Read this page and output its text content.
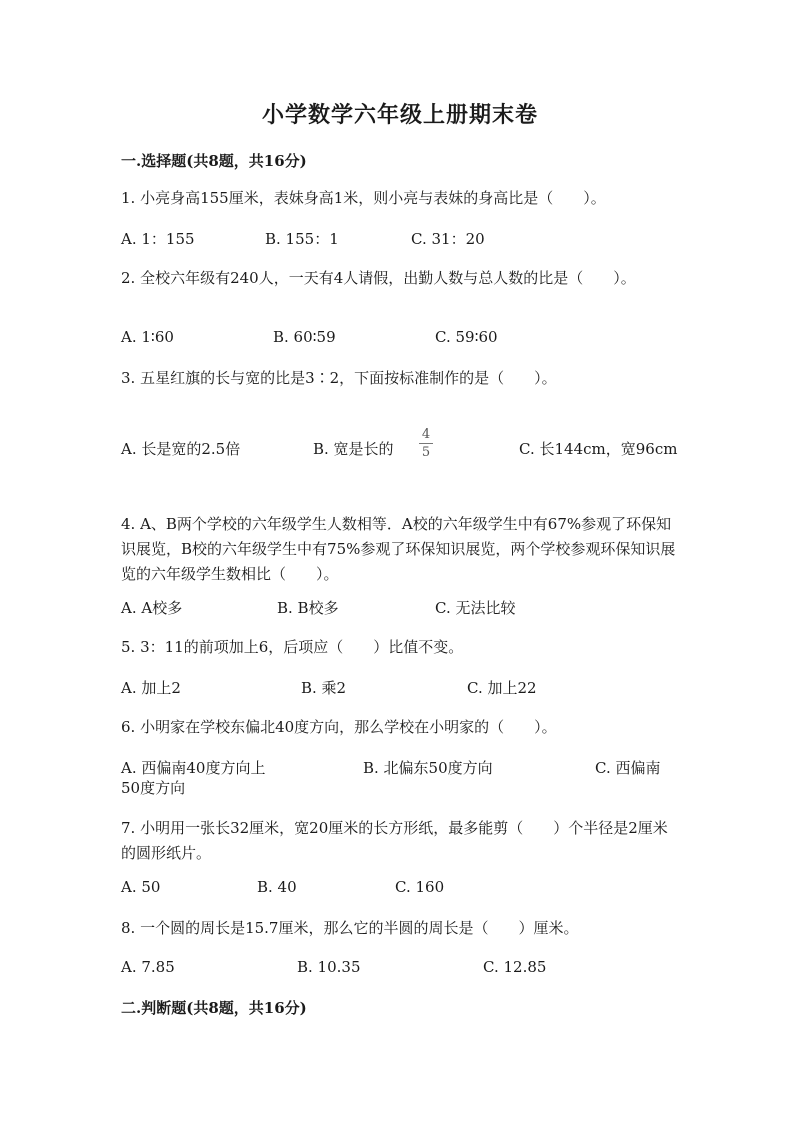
小学数学六年级上册期末卷
一.选择题(共8题，共16分)
1. 小亮身高155厘米，表妹身高1米，则小亮与表妹的身高比是（　　）。
A. 1：155	B. 155：1	C. 31：20
2. 全校六年级有240人，一天有4人请假，出勤人数与总人数的比是（　　）。
A. 1∶60	B. 60∶59	C. 59∶60
3. 五星红旗的长与宽的比是3∶2，下面按标准制作的是（　　）。
A. 长是宽的2.5倍	B. 宽是长的 $\frac{4}{5}$	C. 长144cm，宽96cm
4. A、B两个学校的六年级学生人数相等．A校的六年级学生中有67%参观了环保知识展览，B校的六年级学生中有75%参观了环保知识展览，两个学校参观环保知识展览的六年级学生数相比（　　）。
A. A校多	B. B校多	C. 无法比较
5. 3：11的前项加上6，后项应（　　）比值不变。
A. 加上2	B. 乘2	C. 加上22
6. 小明家在学校东偏北40度方向，那么学校在小明家的（　　）。
A. 西偏南40度方向上	B. 北偏东50度方向	C. 西偏南
50度方向
7. 小明用一张长32厘米，宽20厘米的长方形纸，最多能剪（　　）个半径是2厘米的圆形纸片。
A. 50	B. 40	C. 160
8. 一个圆的周长是15.7厘米，那么它的半圆的周长是（　　）厘米。
A. 7.85	B. 10.35	C. 12.85
二.判断题(共8题，共16分)
